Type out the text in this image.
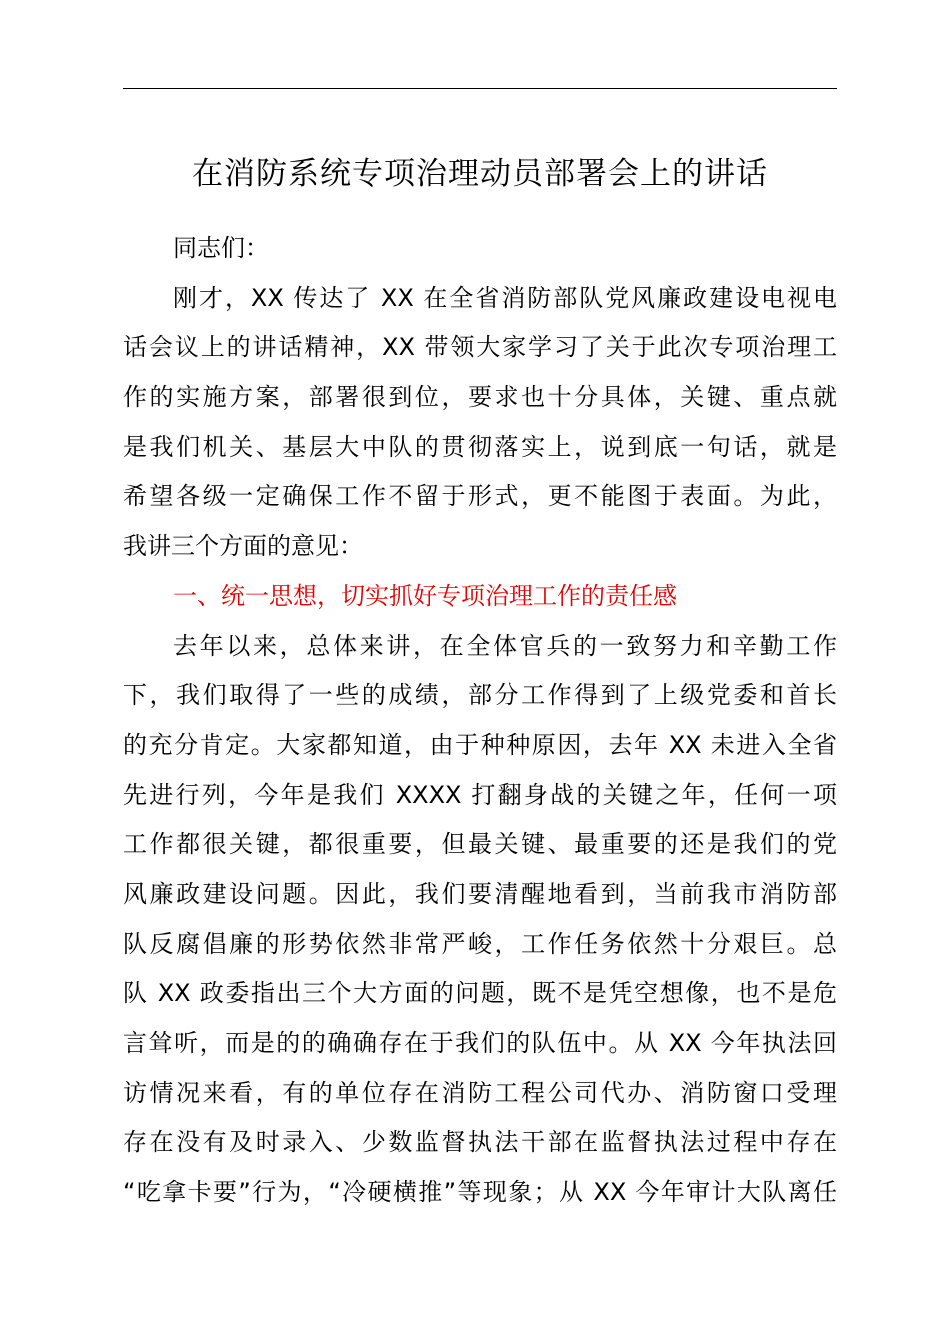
在消防系统专项治理动员部署会上的讲话
同志们：
刚才，XX 传达了 XX 在全省消防部队党风廉政建设电视电
话会议上的讲话精神，XX 带领大家学习了关于此次专项治理工
作的实施方案，部署很到位，要求也十分具体，关键、重点就
是我们机关、基层大中队的贯彻落实上，说到底一句话，就是
希望各级一定确保工作不留于形式，更不能图于表面。为此，
我讲三个方面的意见：
一、统一思想，切实抓好专项治理工作的责任感
去年以来，总体来讲，在全体官兵的一致努力和辛勤工作
下，我们取得了一些的成绩，部分工作得到了上级党委和首长
的充分肯定。大家都知道，由于种种原因，去年 XX 未进入全省
先进行列，今年是我们 XXXX 打翻身战的关键之年，任何一项
工作都很关键，都很重要，但最关键、最重要的还是我们的党
风廉政建设问题。因此，我们要清醒地看到，当前我市消防部
队反腐倡廉的形势依然非常严峻，工作任务依然十分艰巨。总
队 XX 政委指出三个大方面的问题，既不是凭空想像，也不是危
言耸听，而是的的确确存在于我们的队伍中。从 XX 今年执法回
访情况来看，有的单位存在消防工程公司代办、消防窗口受理
存在没有及时录入、少数监督执法干部在监督执法过程中存在
“吃拿卡要”行为，“冷硬横推”等现象；从 XX 今年审计大队离任
